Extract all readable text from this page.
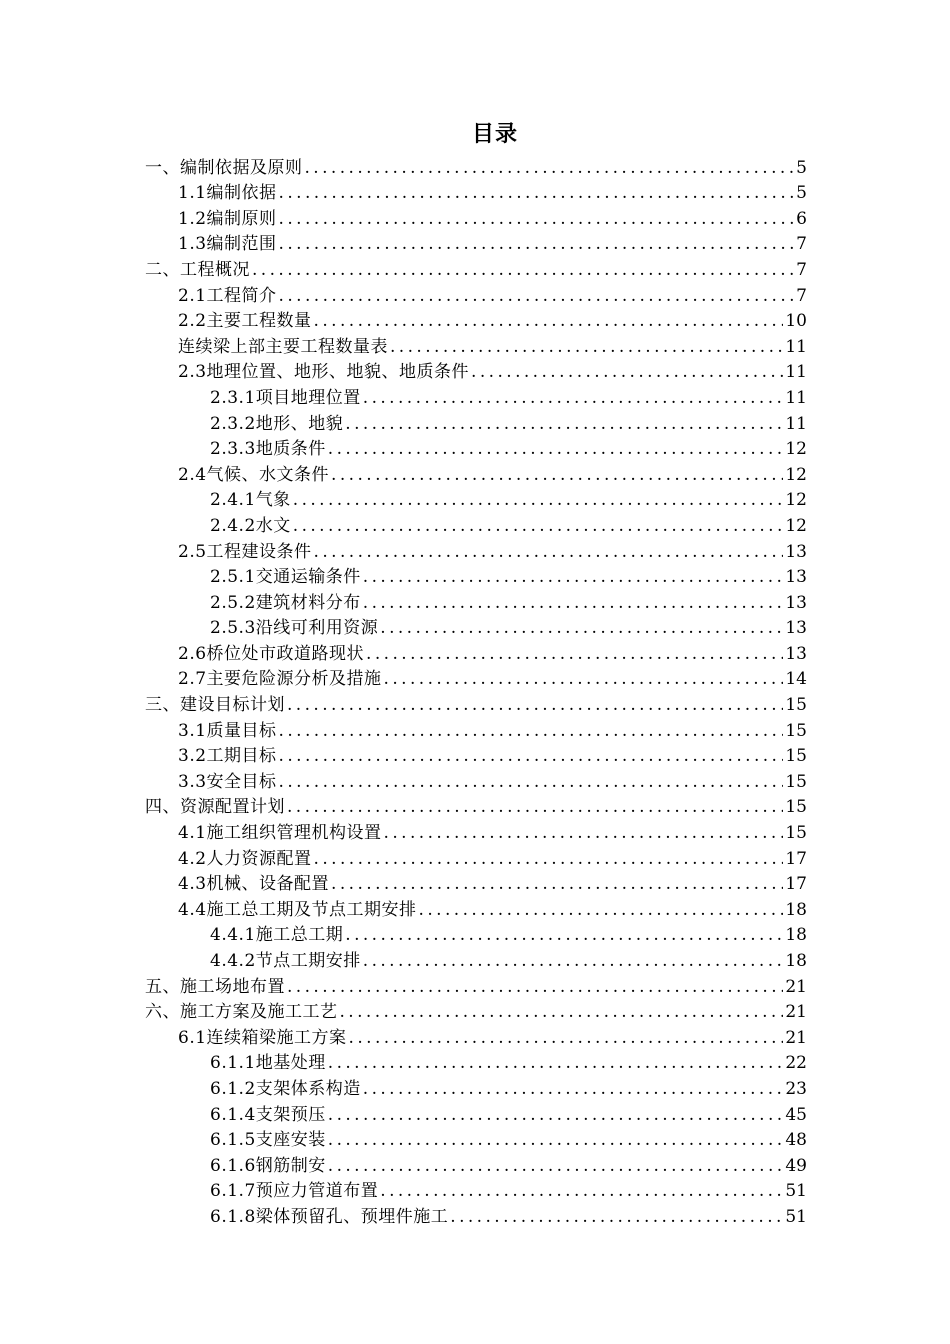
目录
一、编制依据及原则 .....	5
1.1编制依据 .....	5
1.2编制原则 .....	6
1.3编制范围 .....	7
二、工程概况 .....	7
2.1工程简介 .....	7
2.2主要工程数量 .....	10
连续梁上部主要工程数量表 .....	11
2.3地理位置、地形、地貌、地质条件 .....	11
2.3.1项目地理位置 .....	11
2.3.2地形、地貌 .....	11
2.3.3地质条件 .....	12
2.4气候、水文条件 .....	12
2.4.1气象 .....	12
2.4.2水文 .....	12
2.5工程建设条件 .....	13
2.5.1交通运输条件 .....	13
2.5.2建筑材料分布 .....	13
2.5.3沿线可利用资源 .....	13
2.6桥位处市政道路现状 .....	13
2.7主要危险源分析及措施 .....	14
三、建设目标计划 .....	15
3.1质量目标 .....	15
3.2工期目标 .....	15
3.3安全目标 .....	15
四、资源配置计划 .....	15
4.1施工组织管理机构设置 .....	15
4.2人力资源配置 .....	17
4.3机械、设备配置 .....	17
4.4施工总工期及节点工期安排 .....	18
4.4.1施工总工期 .....	18
4.4.2节点工期安排 .....	18
五、施工场地布置 .....	21
六、施工方案及施工工艺 .....	21
6.1连续箱梁施工方案 .....	21
6.1.1地基处理 .....	22
6.1.2支架体系构造 .....	23
6.1.4支架预压 .....	45
6.1.5支座安装 .....	48
6.1.6钢筋制安 .....	49
6.1.7预应力管道布置 .....	51
6.1.8梁体预留孔、预埋件施工 .....	51
